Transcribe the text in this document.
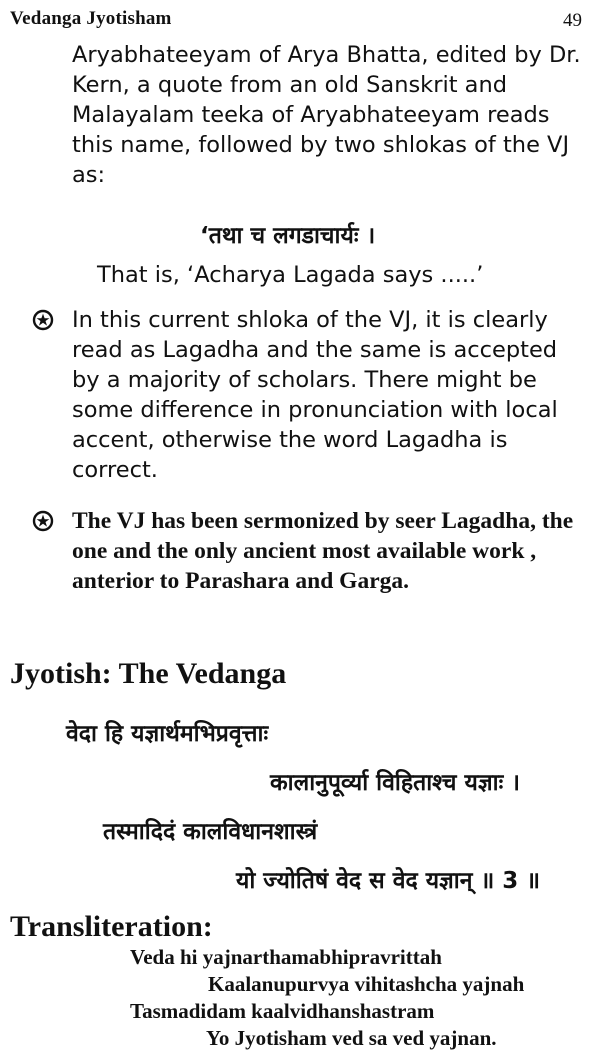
Vedanga Jyotisham	49
Aryabhateeyam of Arya Bhatta, edited by Dr. Kern, a quote from an old Sanskrit and Malayalam teeka of Aryabhateeyam reads this name, followed by two shlokas of the VJ as:
‘तथा च लगडाचार्यः ।
That is, ‘Acharya Lagada says .....’
In this current shloka of the VJ, it is clearly read as Lagadha and the same is accepted by a majority of scholars. There might be some difference in pronunciation with local accent, otherwise the word Lagadha is correct.
The VJ has been sermonized by seer Lagadha, the one and the only ancient most available work , anterior to Parashara and Garga.
Jyotish: The Vedanga
वेदा हि यज्ञार्थमभिप्रवृत्ताः
कालानुपूर्व्या विहिताश्च यज्ञाः ।
तस्मादिदं कालविधानशास्त्रं
यो ज्योतिषं वेद स वेद यज्ञान् ॥ 3 ॥
Transliteration:
Veda hi yajnarthamabhipravrittah
Kaalanupurvya vihitashcha yajnah
Tasmadidam kaalvidhanshastram
Yo Jyotisham ved sa ved yajnan.
